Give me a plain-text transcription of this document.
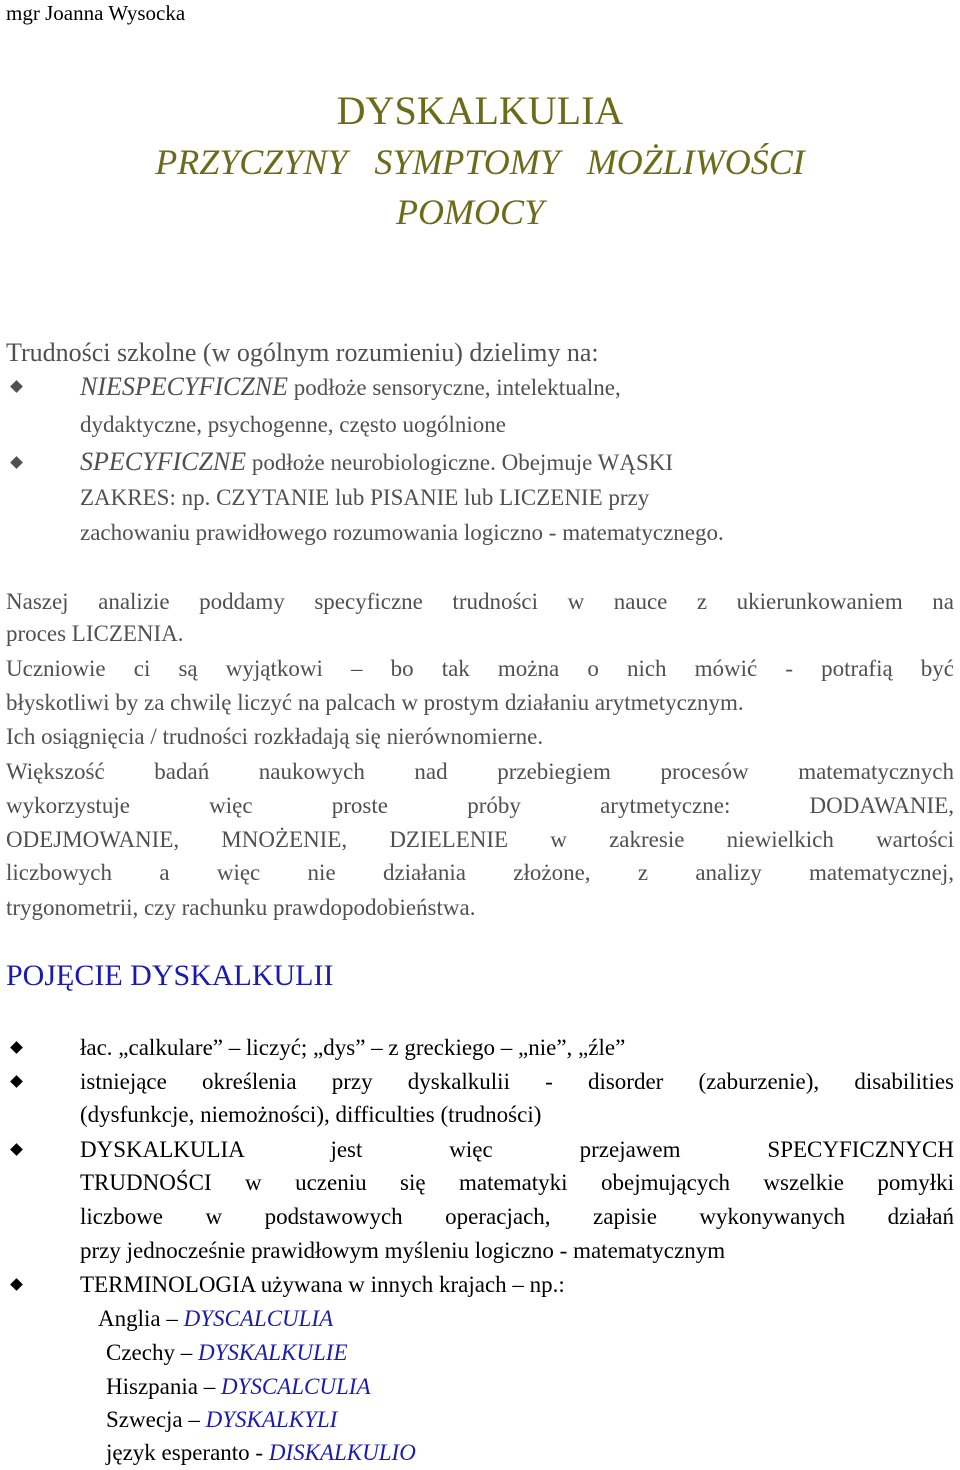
mgr Joanna Wysocka
DYSKALKULIA
PRZYCZYNY SYMPTOMY MOŻLIWOŚCI
POMOCY
Trudności szkolne (w ogólnym rozumieniu) dzielimy na:
NIESPECYFICZNE podłoże sensoryczne, intelektualne,
dydaktyczne, psychogenne, często uogólnione
SPECYFICZNE podłoże neurobiologiczne. Obejmuje WĄSKI
ZAKRES: np. CZYTANIE lub PISANIE lub LICZENIE przy
zachowaniu prawidłowego rozumowania logiczno - matematycznego.
Naszej analizie poddamy specyficzne trudności w nauce z ukierunkowaniem na
proces LICZENIA.
Uczniowie ci są wyjątkowi – bo tak można o nich mówić - potrafią być
błyskotliwi by za chwilę liczyć na palcach w prostym działaniu arytmetycznym.
Ich osiągnięcia / trudności rozkładają się nierównomierne.
Większość badań naukowych nad przebiegiem procesów matematycznych
wykorzystuje więc proste próby arytmetyczne: DODAWANIE,
ODEJMOWANIE, MNOŻENIE, DZIELENIE w zakresie niewielkich wartości
liczbowych a więc nie działania złożone, z analizy matematycznej,
trygonometrii, czy rachunku prawdopodobieństwa.
POJĘCIE DYSKALKULII
łac. „calkulare” – liczyć; „dys” – z greckiego – „nie”, „źle”
istniejące określenia przy dyskalkulii - disorder (zaburzenie), disabilities
(dysfunkcje, niemożności), difficulties (trudności)
DYSKALKULIA jest więc przejawem SPECYFICZNYCH
TRUDNOŚCI w uczeniu się matematyki obejmujących wszelkie pomyłki
liczbowe w podstawowych operacjach, zapisie wykonywanych działań
przy jednocześnie prawidłowym myśleniu logiczno - matematycznym
TERMINOLOGIA używana w innych krajach – np.:
Anglia – DYSCALCULIA
Czechy – DYSKALKULIE
Hiszpania – DYSCALCULIA
Szwecja – DYSKALKYLI
język esperanto - DISKALKULIO
